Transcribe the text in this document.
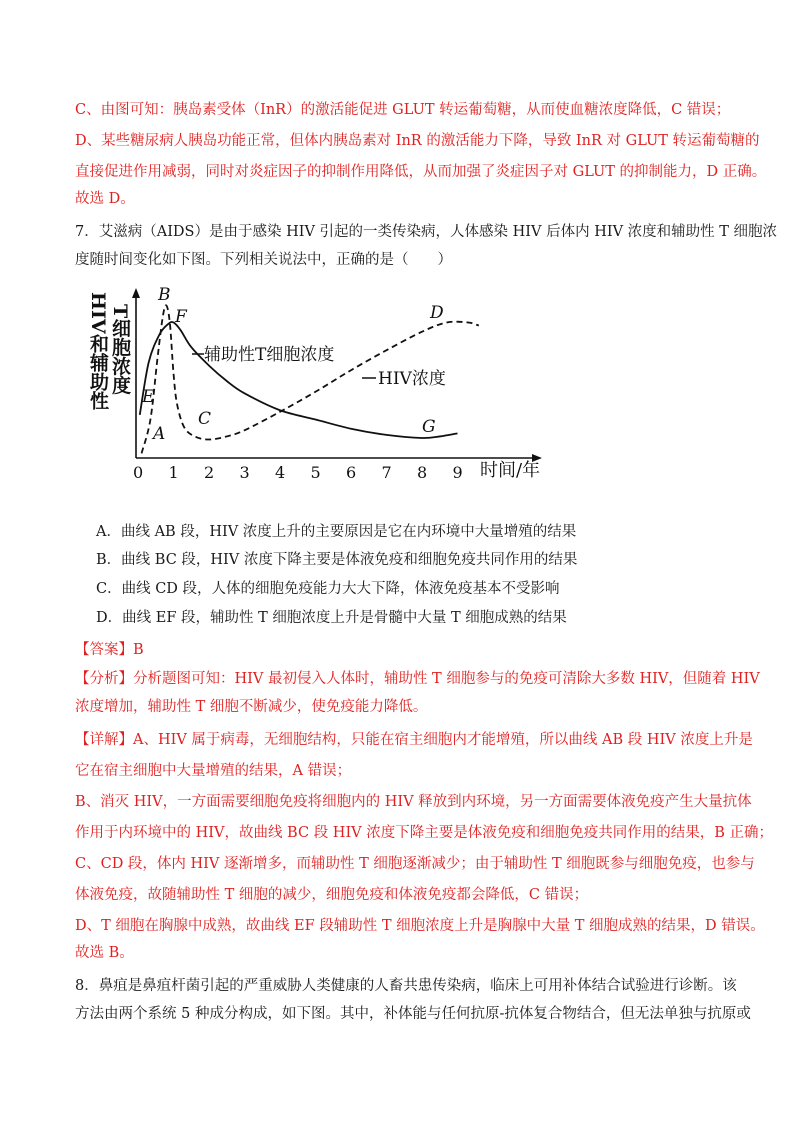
C、由图可知：胰岛素受体（InR）的激活能促进 GLUT 转运葡萄糖，从而使血糖浓度降低，C 错误；
D、某些糖尿病人胰岛功能正常，但体内胰岛素对 InR 的激活能力下降，导致 InR 对 GLUT 转运葡萄糖的
直接促进作用减弱，同时对炎症因子的抑制作用降低，从而加强了炎症因子对 GLUT 的抑制能力，D 正确。
故选 D。
7．艾滋病（AIDS）是由于感染 HIV 引起的一类传染病，人体感染 HIV 后体内 HIV 浓度和辅助性 T 细胞浓
度随时间变化如下图。下列相关说法中，正确的是（　　）
HIV和辅助性 T细胞浓度
时间/年
0 1 2 3 4 5 6 7 8 9
辅助性T细胞浓度
HIV浓度
A
B
C
D
E
F
G
A．曲线 AB 段，HIV 浓度上升的主要原因是它在内环境中大量增殖的结果
B．曲线 BC 段，HIV 浓度下降主要是体液免疫和细胞免疫共同作用的结果
C．曲线 CD 段，人体的细胞免疫能力大大下降，体液免疫基本不受影响
D．曲线 EF 段，辅助性 T 细胞浓度上升是骨髓中大量 T 细胞成熟的结果
【答案】B
【分析】分析题图可知：HIV 最初侵入人体时，辅助性 T 细胞参与的免疫可清除大多数 HIV，但随着 HIV
浓度增加，辅助性 T 细胞不断减少，使免疫能力降低。
【详解】A、HIV 属于病毒，无细胞结构，只能在宿主细胞内才能增殖，所以曲线 AB 段 HIV 浓度上升是
它在宿主细胞中大量增殖的结果，A 错误；
B、消灭 HIV，一方面需要细胞免疫将细胞内的 HIV 释放到内环境，另一方面需要体液免疫产生大量抗体
作用于内环境中的 HIV，故曲线 BC 段 HIV 浓度下降主要是体液免疫和细胞免疫共同作用的结果，B 正确；
C、CD 段，体内 HIV 逐渐增多，而辅助性 T 细胞逐渐减少；由于辅助性 T 细胞既参与细胞免疫，也参与
体液免疫，故随辅助性 T 细胞的减少，细胞免疫和体液免疫都会降低，C 错误；
D、T 细胞在胸腺中成熟，故曲线 EF 段辅助性 T 细胞浓度上升是胸腺中大量 T 细胞成熟的结果，D 错误。
故选 B。
8．鼻疽是鼻疽杆菌引起的严重威胁人类健康的人畜共患传染病，临床上可用补体结合试验进行诊断。该
方法由两个系统 5 种成分构成，如下图。其中，补体能与任何抗原-抗体复合物结合，但无法单独与抗原或
